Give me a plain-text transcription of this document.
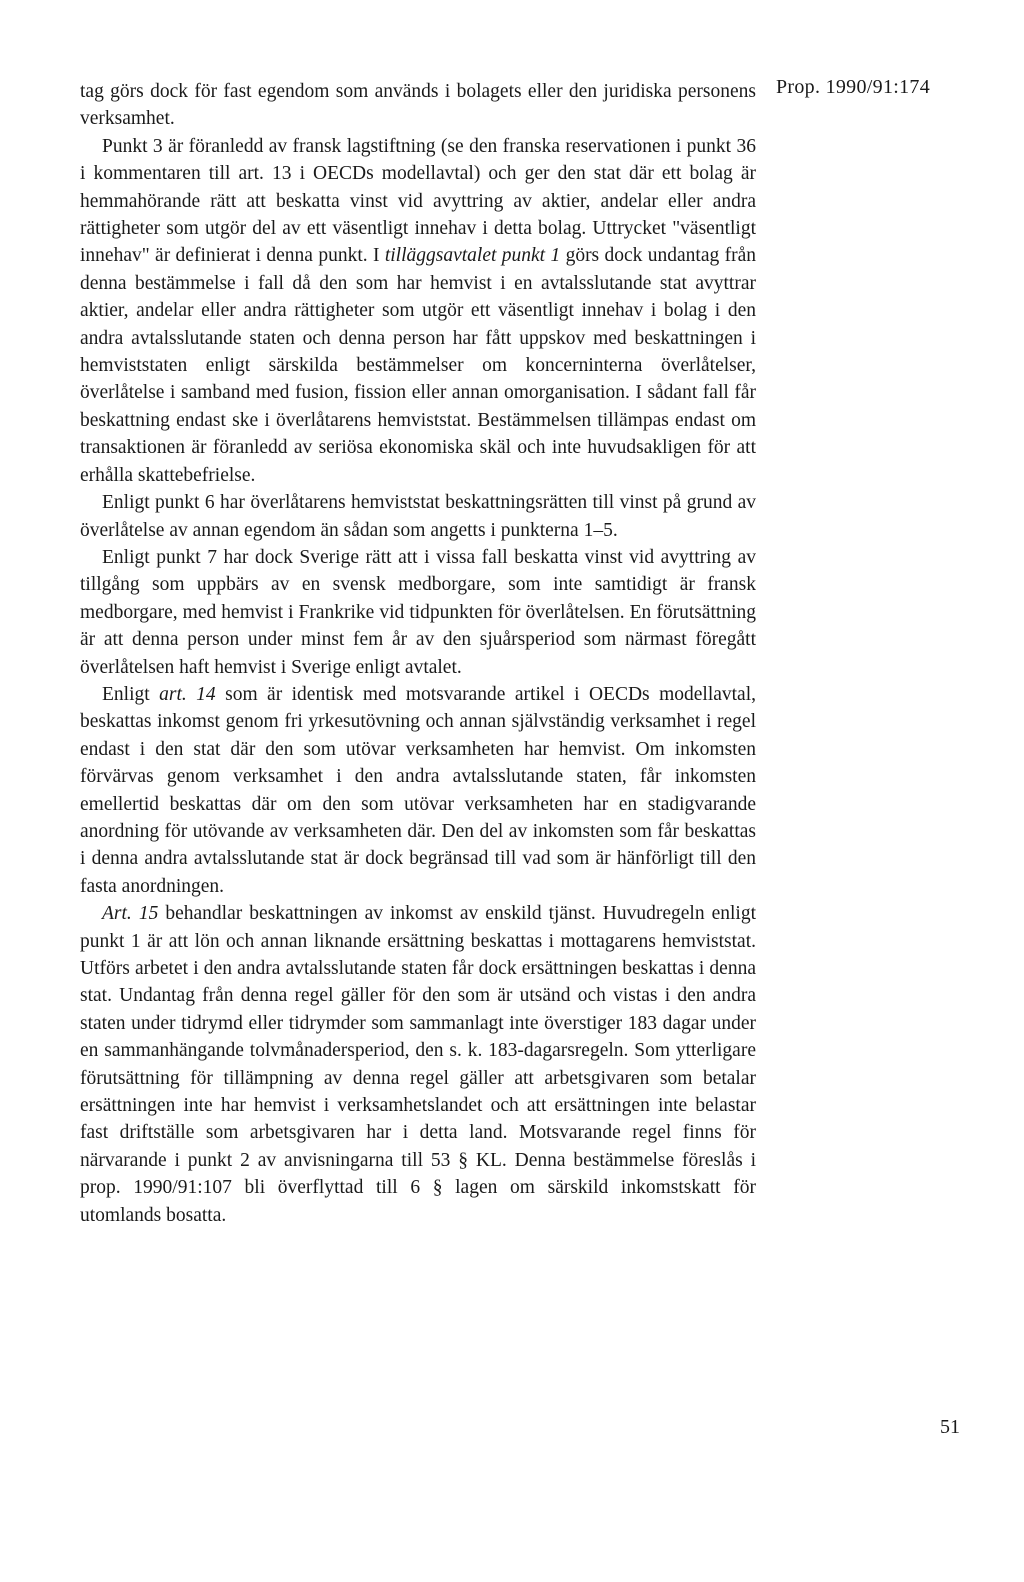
Prop. 1990/91:174

tag görs dock för fast egendom som används i bolagets eller den juridiska personens verksamhet.

Punkt 3 är föranledd av fransk lagstiftning (se den franska reservationen i punkt 36 i kommentaren till art. 13 i OECDs modellavtal) och ger den stat där ett bolag är hemmahörande rätt att beskatta vinst vid avyttring av aktier, andelar eller andra rättigheter som utgör del av ett väsentligt innehav i detta bolag. Uttrycket "väsentligt innehav" är definierat i denna punkt. I tilläggsavtalet punkt 1 görs dock undantag från denna bestämmelse i fall då den som har hemvist i en avtalsslutande stat avyttrar aktier, andelar eller andra rättigheter som utgör ett väsentligt innehav i bolag i den andra avtalsslutande staten och denna person har fått uppskov med beskattningen i hemviststaten enligt särskilda bestämmelser om koncerninterna överlåtelser, överlåtelse i samband med fusion, fission eller annan omorganisation. I sådant fall får beskattning endast ske i överlåtarens hemviststat. Bestämmelsen tillämpas endast om transaktionen är föranledd av seriösa ekonomiska skäl och inte huvudsakligen för att erhålla skattebefrielse.

Enligt punkt 6 har överlåtarens hemviststat beskattningsrätten till vinst på grund av överlåtelse av annan egendom än sådan som angetts i punkterna 1–5.

Enligt punkt 7 har dock Sverige rätt att i vissa fall beskatta vinst vid avyttring av tillgång som uppbärs av en svensk medborgare, som inte samtidigt är fransk medborgare, med hemvist i Frankrike vid tidpunkten för överlåtelsen. En förutsättning är att denna person under minst fem år av den sjuårsperiod som närmast föregått överlåtelsen haft hemvist i Sverige enligt avtalet.

Enligt art. 14 som är identisk med motsvarande artikel i OECDs modellavtal, beskattas inkomst genom fri yrkesutövning och annan självständig verksamhet i regel endast i den stat där den som utövar verksamheten har hemvist. Om inkomsten förvärvas genom verksamhet i den andra avtalsslutande staten, får inkomsten emellertid beskattas där om den som utövar verksamheten har en stadigvarande anordning för utövande av verksamheten där. Den del av inkomsten som får beskattas i denna andra avtalsslutande stat är dock begränsad till vad som är hänförligt till den fasta anordningen.

Art. 15 behandlar beskattningen av inkomst av enskild tjänst. Huvudregeln enligt punkt 1 är att lön och annan liknande ersättning beskattas i mottagarens hemviststat. Utförs arbetet i den andra avtalsslutande staten får dock ersättningen beskattas i denna stat. Undantag från denna regel gäller för den som är utsänd och vistas i den andra staten under tidrymd eller tidrymder som sammanlagt inte överstiger 183 dagar under en sammanhängande tolvmånadersperiod, den s. k. 183-dagarsregeln. Som ytterligare förutsättning för tillämpning av denna regel gäller att arbetsgivaren som betalar ersättningen inte har hemvist i verksamhetslandet och att ersättningen inte belastar fast driftställe som arbetsgivaren har i detta land. Motsvarande regel finns för närvarande i punkt 2 av anvisningarna till 53 § KL. Denna bestämmelse föreslås i prop. 1990/91:107 bli överflyttad till 6 § lagen om särskild inkomstskatt för utomlands bosatta.

51
